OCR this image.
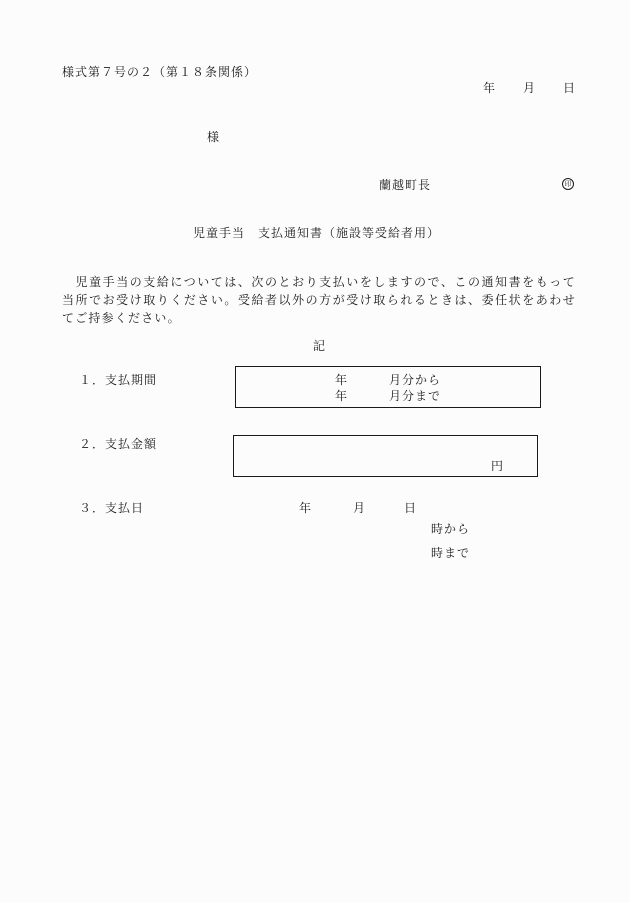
様式第７号の２（第１８条関係）
年 月 日
様
蘭越町長	印
児童手当　支払通知書（施設等受給者用）
　児童手当の支給については、次のとおり支払いをしますので、この通知書をもって当所でお受け取りください。受給者以外の方が受け取られるときは、委任状をあわせてご持参ください。
記
１．支払期間	年	月分から
年	月分まで
２．支払金額
円
３．支払日	年	月	日
時から
時まで
